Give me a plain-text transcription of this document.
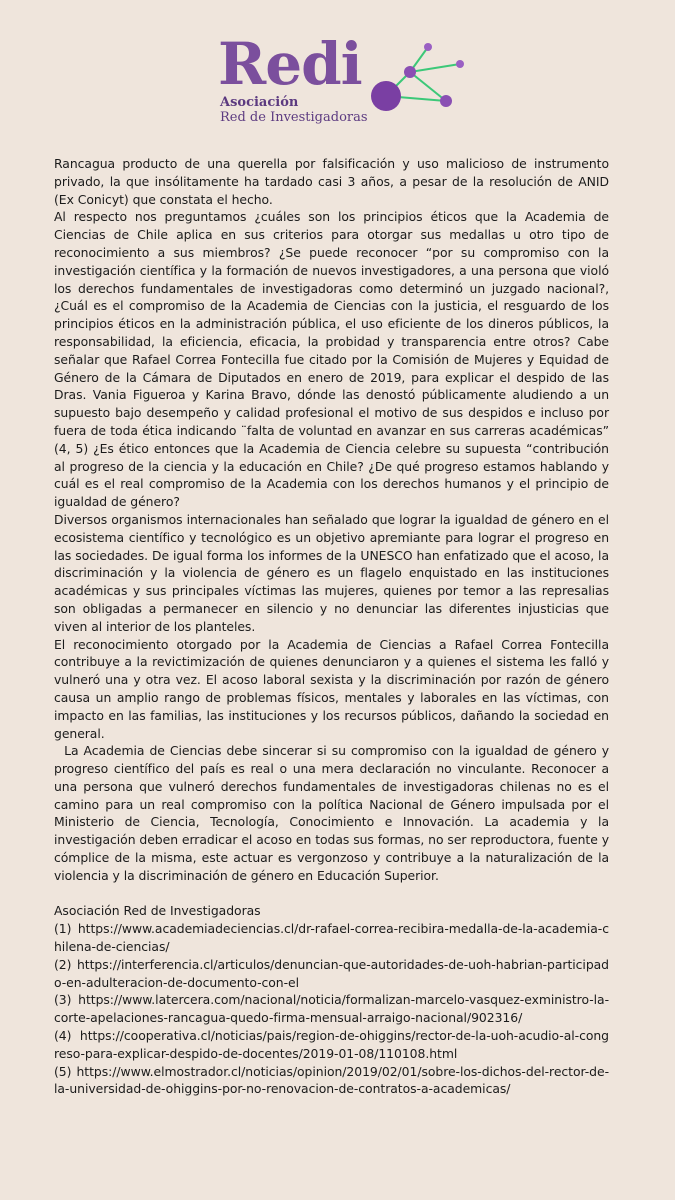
Redi
Asociación
Red de Investigadoras

Rancagua producto de una querella por falsificación y uso malicioso de instrumento privado, la que insólitamente ha tardado casi 3 años, a pesar de la resolución de ANID (Ex Conicyt) que constata el hecho.

Al respecto nos preguntamos ¿cuáles son los principios éticos que la Academia de Ciencias de Chile aplica en sus criterios para otorgar sus medallas u otro tipo de reconocimiento a sus miembros? ¿Se puede reconocer “por su compromiso con la investigación científica y la formación de nuevos investigadores, a una persona que violó los derechos fundamentales de investigadoras como determinó un juzgado nacional?, ¿Cuál es el compromiso de la Academia de Ciencias con la justicia, el resguardo de los principios éticos en la administración pública, el uso eficiente de los dineros públicos, la responsabilidad, la eficiencia, eficacia, la probidad y transparencia entre otros? Cabe señalar que Rafael Correa Fontecilla fue citado por la Comisión de Mujeres y Equidad de Género de la Cámara de Diputados en enero de 2019, para explicar el despido de las Dras. Vania Figueroa y Karina Bravo, dónde las denostó públicamente aludiendo a un supuesto bajo desempeño y calidad profesional el motivo de sus despidos e incluso por fuera de toda ética indicando ¨falta de voluntad en avanzar en sus carreras académicas” (4, 5) ¿Es ético entonces que la Academia de Ciencia celebre su supuesta “contribución al progreso de la ciencia y la educación en Chile? ¿De qué progreso estamos hablando y cuál es el real compromiso de la Academia con los derechos humanos y el principio de igualdad de género?

Diversos organismos internacionales han señalado que lograr la igualdad de género en el ecosistema científico y tecnológico es un objetivo apremiante para lograr el progreso en las sociedades. De igual forma los informes de la UNESCO han enfatizado que el acoso, la discriminación y la violencia de género es un flagelo enquistado en las instituciones académicas y sus principales víctimas las mujeres, quienes por temor a las represalias son obligadas a permanecer en silencio y no denunciar las diferentes injusticias que viven al interior de los planteles.

El reconocimiento otorgado por la Academia de Ciencias a Rafael Correa Fontecilla contribuye a la revictimización de quienes denunciaron y a quienes el sistema les falló y vulneró una y otra vez. El acoso laboral sexista y la discriminación por razón de género causa un amplio rango de problemas físicos, mentales y laborales en las víctimas, con impacto en las familias, las instituciones y los recursos públicos, dañando la sociedad en general.

La Academia de Ciencias debe sincerar si su compromiso con la igualdad de género y progreso científico del país es real o una mera declaración no vinculante. Reconocer a una persona que vulneró derechos fundamentales de investigadoras chilenas no es el camino para un real compromiso con la política Nacional de Género impulsada por el Ministerio de Ciencia, Tecnología, Conocimiento e Innovación. La academia y la investigación deben erradicar el acoso en todas sus formas, no ser reproductora, fuente y cómplice de la misma, este actuar es vergonzoso y contribuye a la naturalización de la violencia y la discriminación de género en Educación Superior.

Asociación Red de Investigadoras

(1) https://www.academiadeciencias.cl/dr-rafael-correa-recibira-medalla-de-la-academia-chilena-de-ciencias/

(2) https://interferencia.cl/articulos/denuncian-que-autoridades-de-uoh-habrian-participado-en-adulteracion-de-documento-con-el

(3) https://www.latercera.com/nacional/noticia/formalizan-marcelo-vasquez-exministro-la-corte-apelaciones-rancagua-quedo-firma-mensual-arraigo-nacional/902316/

(4) https://cooperativa.cl/noticias/pais/region-de-ohiggins/rector-de-la-uoh-acudio-al-congreso-para-explicar-despido-de-docentes/2019-01-08/110108.html

(5) https://www.elmostrador.cl/noticias/opinion/2019/02/01/sobre-los-dichos-del-rector-de-la-universidad-de-ohiggins-por-no-renovacion-de-contratos-a-academicas/
